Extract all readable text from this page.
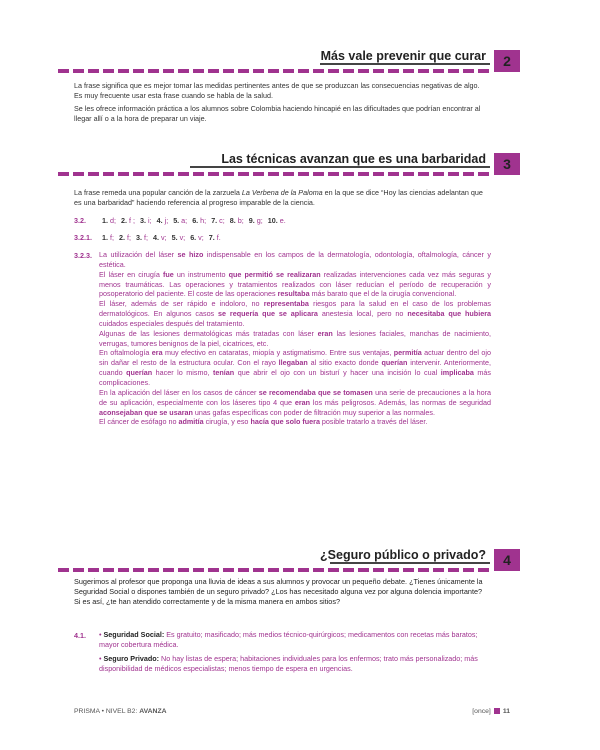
Más vale prevenir que curar	2
La frase significa que es mejor tomar las medidas pertinentes antes de que se produzcan las consecuencias negativas de algo. Es muy frecuente usar esta frase cuando se habla de la salud.
Se les ofrece información práctica a los alumnos sobre Colombia haciendo hincapié en las dificultades que podrían encontrar al llegar allí o a la hora de preparar un viaje.
Las técnicas avanzan que es una barbaridad	3
La frase remeda una popular canción de la zarzuela La Verbena de la Paloma en la que se dice “Hoy las ciencias adelantan que es una barbaridad” haciendo referencia al progreso imparable de la ciencia.
3.2. 1. d; 2. f ; 3. i; 4. j; 5. a; 6. h; 7. c; 8. b; 9. g; 10. e.
3.2.1. 1. f; 2. f; 3. f; 4. v; 5. v; 6. v; 7. f.
3.2.3. La utilización del láser se hizo indispensable en los campos de la dermatología, odontología, oftalmología, cáncer y estética.

El láser en cirugía fue un instrumento que permitió se realizaran realizadas intervenciones cada vez más seguras y menos traumáticas. Las operaciones y tratamientos realizados con láser reducían el período de recuperación y posoperatorio del paciente. El coste de las operaciones resultaba más barato que el de la cirugía convencional.

El láser, además de ser rápido e indoloro, no representaba riesgos para la salud en el caso de los problemas dermatológicos. En algunos casos se requería que se aplicara anestesia local, pero no necesitaba que hubiera cuidados especiales después del tratamiento.

Algunas de las lesiones dermatológicas más tratadas con láser eran las lesiones faciales, manchas de nacimiento, verrugas, tumores benignos de la piel, cicatrices, etc.

En oftalmología era muy efectivo en cataratas, miopía y astigmatismo. Entre sus ventajas, permitía actuar dentro del ojo sin dañar el resto de la estructura ocular. Con el rayo llegaban al sitio exacto donde querían intervenir. Anteriormente, cuando querían hacer lo mismo, tenían que abrir el ojo con un bisturí y hacer una incisión lo cual implicaba más complicaciones.

En la aplicación del láser en los casos de cáncer se recomendaba que se tomasen una serie de precauciones a la hora de su aplicación, especialmente con los láseres tipo 4 que eran los más peligrosos. Además, las normas de seguridad aconsejaban que se usaran unas gafas específicas con poder de filtración muy superior a las normales.

El cáncer de esófago no admitía cirugía, y eso hacía que solo fuera posible tratarlo a través del láser.

¿Seguro público o privado?	4
Sugerimos al profesor que proponga una lluvia de ideas a sus alumnos y provocar un pequeño debate. ¿Tienes únicamente la Seguridad Social o dispones también de un seguro privado? ¿Los has necesitado alguna vez por alguna dolencia importante? Si es así, ¿te han atendido correctamente y de la misma manera en ambos sitios?
4.1. • Seguridad Social: Es gratuito; masificado; más medios técnico-quirúrgicos; medicamentos con recetas más baratos; mayor cobertura médica.

• Seguro Privado: No hay listas de espera; habitaciones individuales para los enfermos; trato más personalizado; más disponibilidad de médicos especialistas; menos tiempo de espera en urgencias.

PRISMA • NIVEL B2: AVANZA	[once] 11
